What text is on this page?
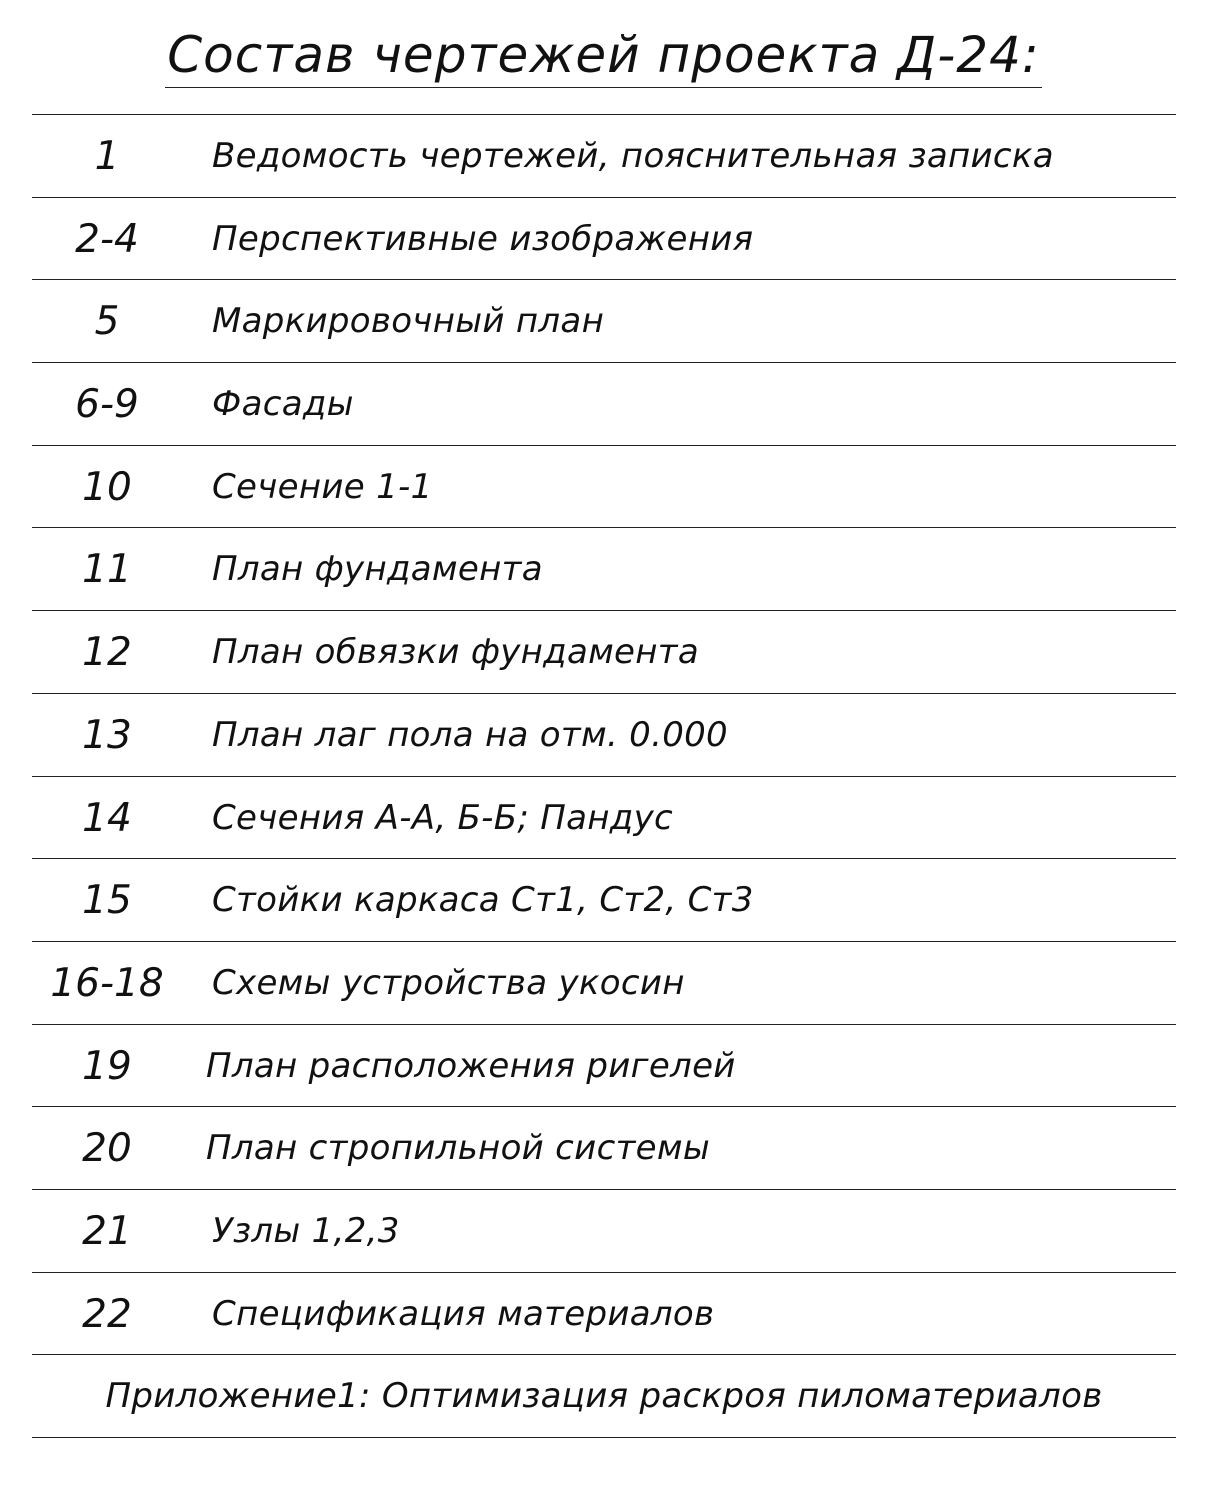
Состав чертежей проекта Д-24:
1	Ведомость чертежей, пояснительная записка
2-4	Перспективные изображения
5	Маркировочный план
6-9	Фасады
10	Сечение 1-1
11	План фундамента
12	План обвязки фундамента
13	План лаг пола на отм. 0.000
14	Сечения А-А, Б-Б; Пандус
15	Стойки каркаса Ст1, Ст2, Ст3
16-18	Схемы устройства укосин
19	План расположения ригелей
20	План стропильной системы
21	Узлы 1,2,3
22	Спецификация материалов
Приложение1: Оптимизация раскроя пиломатериалов
